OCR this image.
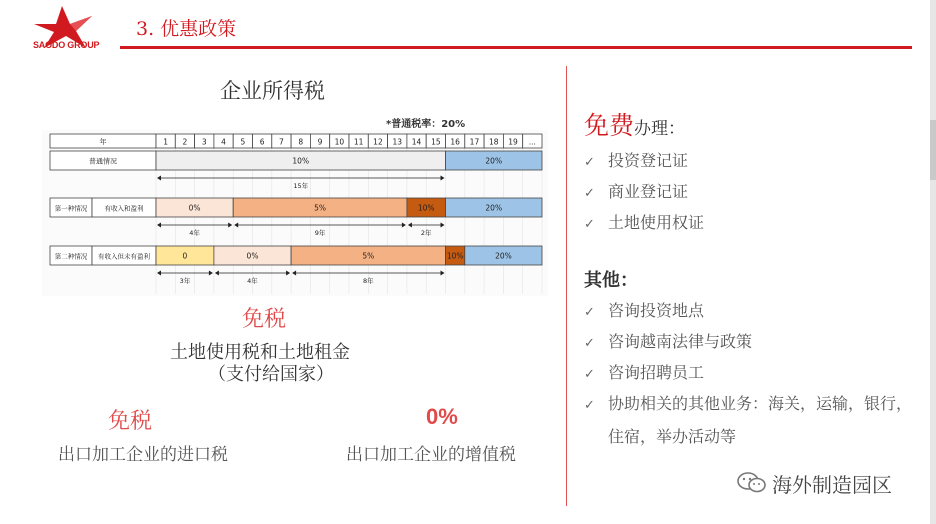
SAODO GROUP
3. 优惠政策
企业所得税
*普通税率：20%
年	1 2 3 4 5 6 7 8 9 10 11 12 13 14 15 16 17 18 19 ...
普通情况	10%	20%
15年
第一种情况	有收入和盈利	0%	5%	10%	20%
4年	9年	2年
第二种情况 有收入但未有盈利	0	0%	5%	10%	20%
3年	4年	8年
免税
土地使用税和土地租金
（支付给国家）
免税
出口加工企业的进口税
0%
出口加工企业的增值税
免费办理：
✓ 投资登记证
✓ 商业登记证
✓ 土地使用权证
其他：
✓ 咨询投资地点
✓ 咨询越南法律与政策
✓ 咨询招聘员工
✓ 协助相关的其他业务：海关，运输，银行，
住宿，举办活动等
海外制造园区
